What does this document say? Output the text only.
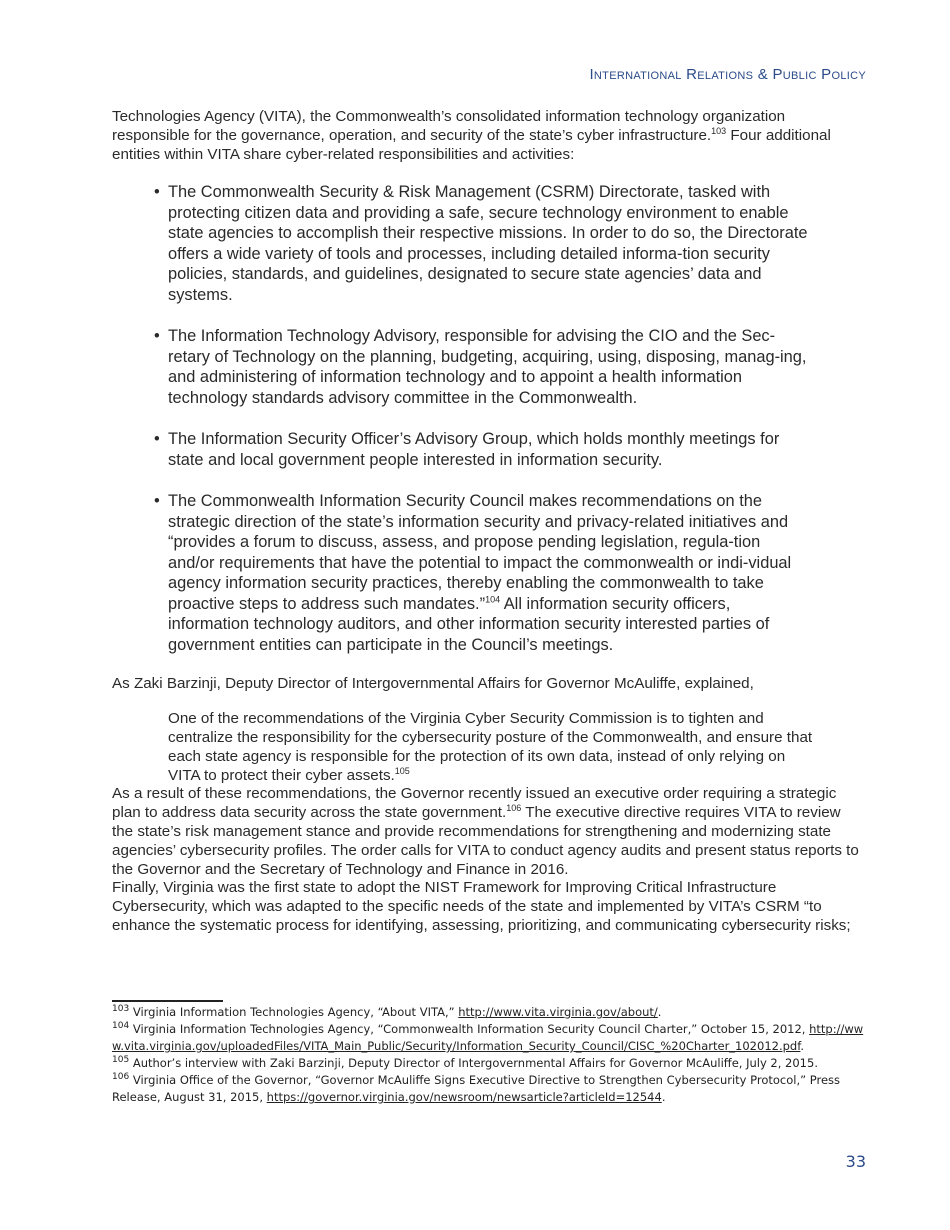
International Relations & Public Policy

Technologies Agency (VITA), the Commonwealth’s consolidated information technology organization responsible for the governance, operation, and security of the state’s cyber infrastructure.$^{103}$ Four additional entities within VITA share cyber-related responsibilities and activities:

• The Commonwealth Security & Risk Management (CSRM) Directorate, tasked with protecting citizen data and providing a safe, secure technology environment to enable state agencies to accomplish their respective missions. In order to do so, the Directorate offers a wide variety of tools and processes, including detailed informa-tion security policies, standards, and guidelines, designated to secure state agencies’ data and systems.
• The Information Technology Advisory, responsible for advising the CIO and the Sec-retary of Technology on the planning, budgeting, acquiring, using, disposing, manag-ing, and administering of information technology and to appoint a health information technology standards advisory committee in the Commonwealth.
• The Information Security Officer’s Advisory Group, which holds monthly meetings for state and local government people interested in information security.
• The Commonwealth Information Security Council makes recommendations on the strategic direction of the state’s information security and privacy-related initiatives and “provides a forum to discuss, assess, and propose pending legislation, regula-tion and/or requirements that have the potential to impact the commonwealth or indi-vidual agency information security practices, thereby enabling the commonwealth to take proactive steps to address such mandates.”$^{104}$ All information security officers, information technology auditors, and other information security interested parties of government entities can participate in the Council’s meetings.

As Zaki Barzinji, Deputy Director of Intergovernmental Affairs for Governor McAuliffe, explained,

One of the recommendations of the Virginia Cyber Security Commission is to tighten and centralize the responsibility for the cybersecurity posture of the Commonwealth, and ensure that each state agency is responsible for the protection of its own data, instead of only relying on VITA to protect their cyber assets.$^{105}$

As a result of these recommendations, the Governor recently issued an executive order requiring a strategic plan to address data security across the state government.$^{106}$ The executive directive requires VITA to review the state’s risk management stance and provide recommendations for strengthening and modernizing state agencies’ cybersecurity profiles. The order calls for VITA to conduct agency audits and present status reports to the Governor and the Secretary of Technology and Finance in 2016.

Finally, Virginia was the first state to adopt the NIST Framework for Improving Critical Infrastructure Cybersecurity, which was adapted to the specific needs of the state and implemented by VITA’s CSRM “to enhance the systematic process for identifying, assessing, prioritizing, and communicating cybersecurity risks;

$^{103}$ Virginia Information Technologies Agency, “About VITA,” http://www.vita.virginia.gov/about/.
$^{104}$ Virginia Information Technologies Agency, “Commonwealth Information Security Council Charter,” October 15, 2012, http://www.vita.virginia.gov/uploadedFiles/VITA_Main_Public/Security/Information_Security_Council/CISC_%20Charter_102012.pdf.
$^{105}$ Author’s interview with Zaki Barzinji, Deputy Director of Intergovernmental Affairs for Governor McAuliffe, July 2, 2015.
$^{106}$ Virginia Office of the Governor, “Governor McAuliffe Signs Executive Directive to Strengthen Cybersecurity Protocol,” Press Release, August 31, 2015, https://governor.virginia.gov/newsroom/newsarticle?articleId=12544.
33
